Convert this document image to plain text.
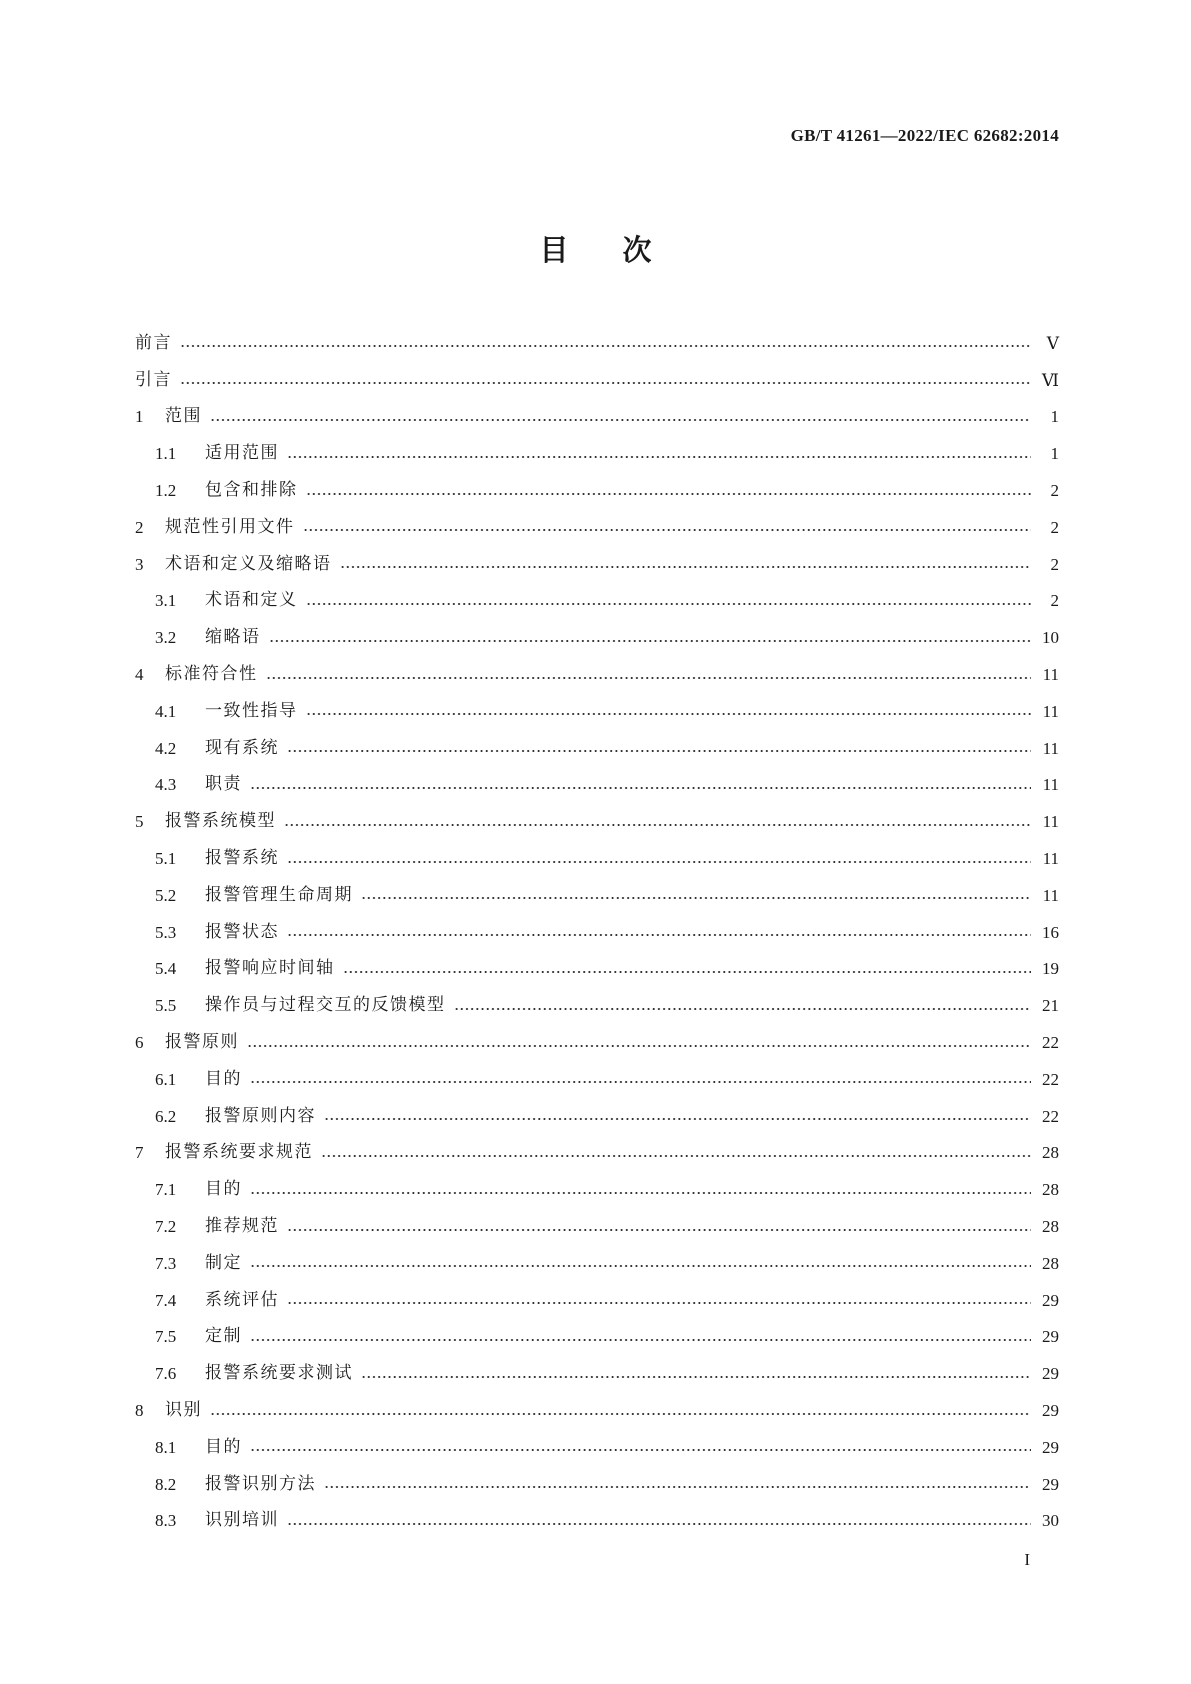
GB/T 41261—2022/IEC 62682:2014
目次
前言	Ⅴ
引言	Ⅵ
1	范围	1
1.1	适用范围	1
1.2	包含和排除	2
2	规范性引用文件	2
3	术语和定义及缩略语	2
3.1	术语和定义	2
3.2	缩略语	10
4	标准符合性	11
4.1	一致性指导	11
4.2	现有系统	11
4.3	职责	11
5	报警系统模型	11
5.1	报警系统	11
5.2	报警管理生命周期	11
5.3	报警状态	16
5.4	报警响应时间轴	19
5.5	操作员与过程交互的反馈模型	21
6	报警原则	22
6.1	目的	22
6.2	报警原则内容	22
7	报警系统要求规范	28
7.1	目的	28
7.2	推荐规范	28
7.3	制定	28
7.4	系统评估	29
7.5	定制	29
7.6	报警系统要求测试	29
8	识别	29
8.1	目的	29
8.2	报警识别方法	29
8.3	识别培训	30
I
